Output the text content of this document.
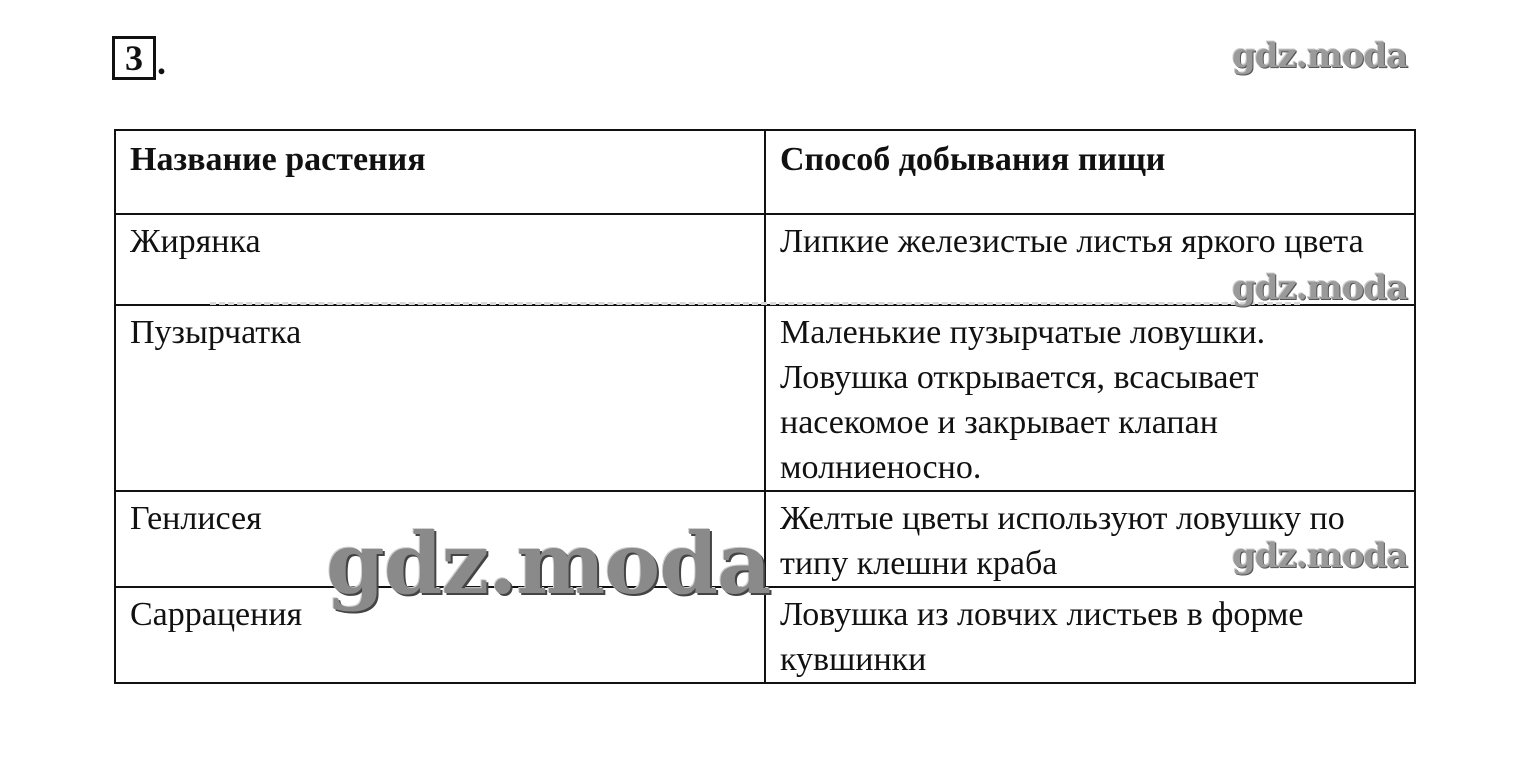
3 .
Название растения	Способ добывания пищи
Жирянка	Липкие железистые листья яркого цвета
Пузырчатка	Маленькие пузырчатые ловушки. Ловушка открывается, всасывает насекомое и закрывает клапан молниеносно.
Генлисея	Желтые цветы используют ловушку по типу клешни краба
Саррацения	Ловушка из ловчих листьев в форме кувшинки
gdz.moda
gdz.moda
gdz.moda
gdz.moda
